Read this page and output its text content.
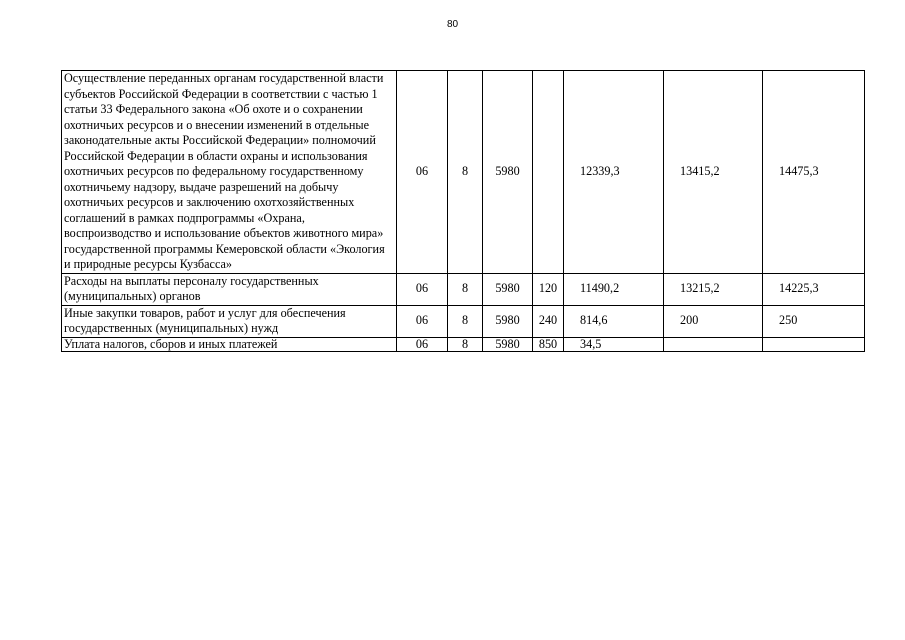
80
Осуществление переданных органам государственной власти субъектов Российской Федерации в соответствии с частью 1 статьи 33 Федерального закона «Об охоте и о сохранении охотничьих ресурсов и о внесении изменений в отдельные законодательные акты Российской Федерации» полномочий Российской Федерации в области охраны и использования охотничьих ресурсов по федеральному государственному охотничьему надзору, выдаче разрешений на добычу охотничьих ресурсов и заключению охотхозяйственных соглашений в рамках подпрограммы «Охрана, воспроизводство и использование объектов животного мира» государственной программы Кемеровской области «Экология и природные ресурсы Кузбасса»	06	8	5980		12339,3	13415,2	14475,3
Расходы на выплаты персоналу государственных (муниципальных) органов	06	8	5980	120	11490,2	13215,2	14225,3
Иные закупки товаров, работ и услуг для обеспечения государственных (муниципальных) нужд	06	8	5980	240	814,6	200	250
Уплата налогов, сборов и иных платежей	06	8	5980	850	34,5		
